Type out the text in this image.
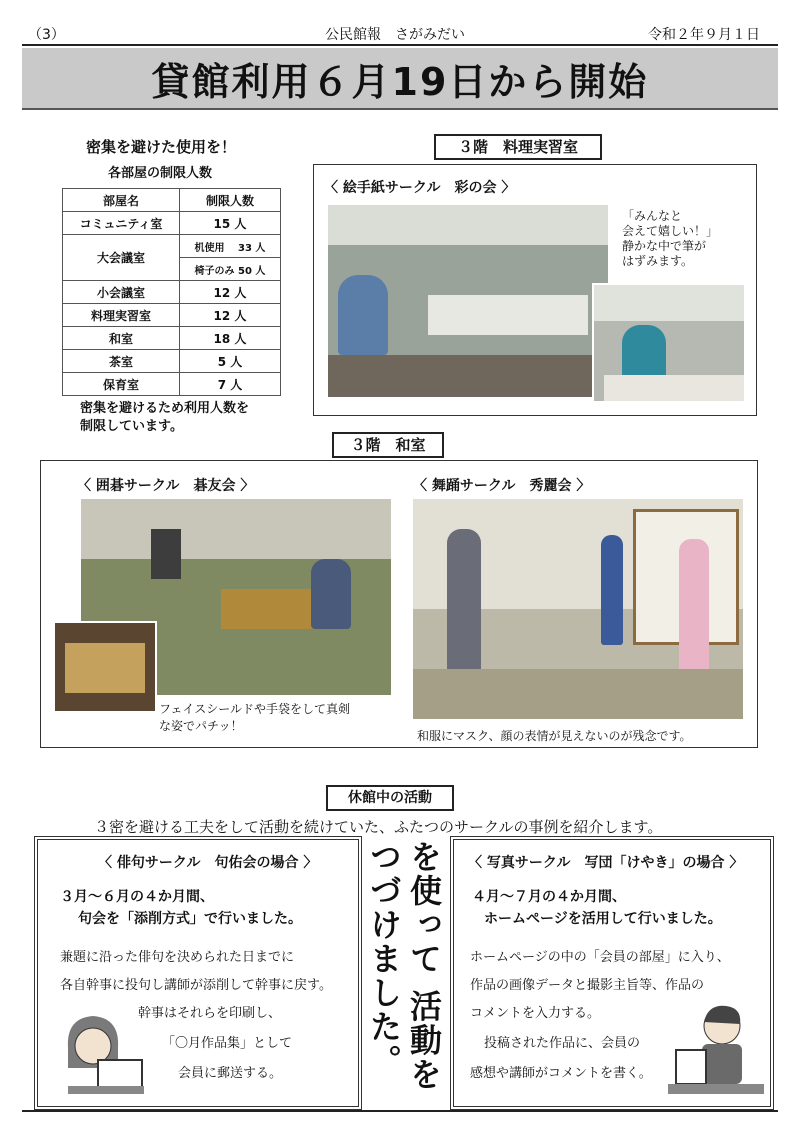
（3）	公民館報　さがみだい	令和２年９月１日
貸館利用６月19日から開始
密集を避けた使用を！
各部屋の制限人数
部屋名	制限人数
コミュニティ室	15 人
大会議室	机使用　 33 人
	椅子のみ 50 人
小会議室	12 人
料理実習室	12 人
和室	18 人
茶室	5 人
保育室	7 人
密集を避けるため利用人数を
制限しています。
３階　料理実習室
〈 絵手紙サークル　彩の会 〉
「みんなと
会えて嬉しい！」
静かな中で筆が
はずみます。
３階　和室
〈 囲碁サークル　碁友会 〉
フェイスシールドや手袋をして真剣
な姿でパチッ！
〈 舞踊サークル　秀麗会 〉
和服にマスク、顔の表情が見えないのが残念です。
休館中の活動
３密を避ける工夫をして活動を続けていた、ふたつのサークルの事例を紹介します。
〈 俳句サークル　句佑会の場合 〉
３月～６月の４か月間、
句会を「添削方式」で行いました。
兼題に沿った俳句を決められた日までに
各自幹事に投句し講師が添削して幹事に戻す。
幹事はそれらを印刷し、
「〇月作品集」として
会員に郵送する。
を使って 活動をつづけました。	〈 写真サークル　写団「けやき」の場合 〉
４月～７月の４か月間、
ホームページを活用して行いました。
ホームページの中の「会員の部屋」に入り、
作品の画像データと撮影主旨等、作品の
コメントを入力する。
投稿された作品に、会員の
感想や講師がコメントを書く。
